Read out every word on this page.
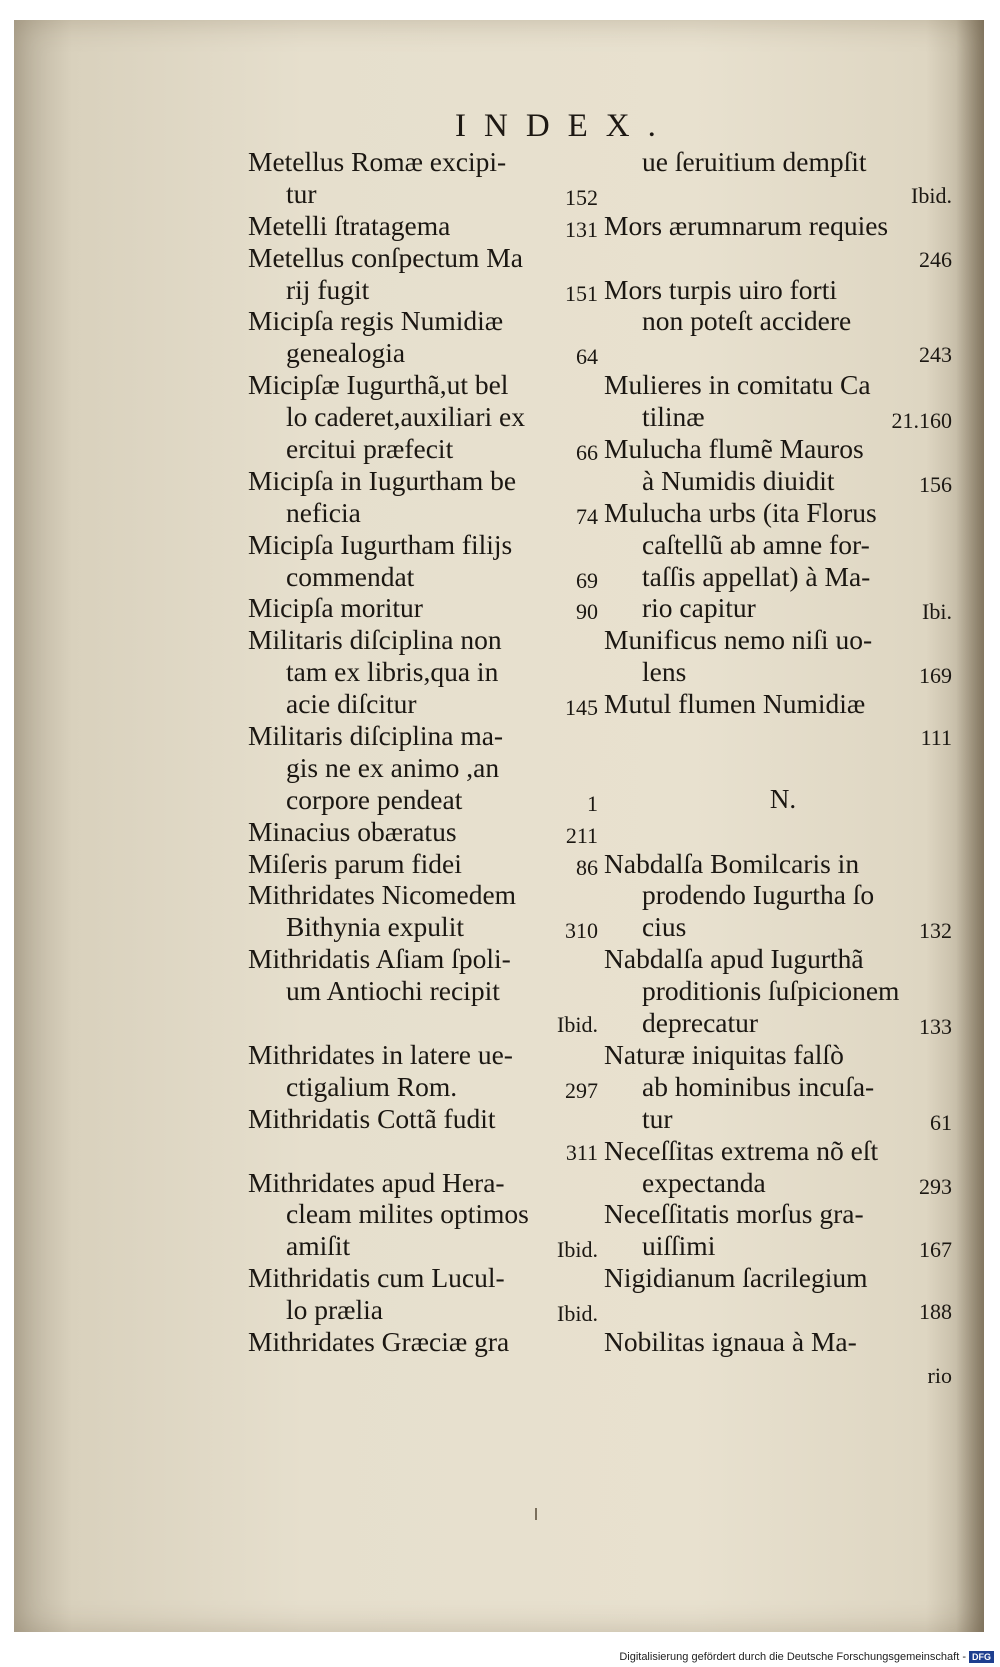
INDEX.
Metellus Romæ excipi-
152
tur
131
Metelli ſtratagema
Metellus conſpectum Ma
151
rij fugit
Micipſa regis Numidiæ
64
genealogia
Micipſæ Iugurthã,ut bel
lo caderet,auxiliari ex
66
ercitui præfecit
Micipſa in Iugurtham be
74
neficia
Micipſa Iugurtham filijs
69
commendat
90
Micipſa moritur
Militaris diſciplina non
tam ex libris,qua in
145
acie diſcitur
Militaris diſciplina ma-
gis ne ex animo ,an
1
corpore pendeat
211
Minacius obæratus
86
Miſeris parum fidei
Mithridates Nicomedem
310
Bithynia expulit
Mithridatis Aſiam ſpoli-
um Antiochi recipit
Ibid.
Mithridates in latere ue-
297
ctigalium Rom.
Mithridatis Cottã fudit
311
Mithridates apud Hera-
cleam milites optimos
Ibid.
amiſit
Mithridatis cum Lucul-
Ibid.
lo prælia
Mithridates Græciæ gra
ue ſeruitium dempſit
Ibid.
Mors ærumnarum requies
246
Mors turpis uiro forti
non poteſt accidere
243
Mulieres in comitatu Ca
21.160
tilinæ
Mulucha flumẽ Mauros
156
à Numidis diuidit
Mulucha urbs (ita Florus
caſtellũ ab amne for-
taſſis appellat) à Ma-
Ibi.
rio capitur
Munificus nemo niſi uo-
169
lens
Mutul flumen Numidiæ
111
N.
Nabdalſa Bomilcaris in
prodendo Iugurtha ſo
132
cius
Nabdalſa apud Iugurthã
proditionis ſuſpicionem
133
deprecatur
Naturæ iniquitas falſò
ab hominibus incuſa-
61
tur
Neceſſitas extrema nõ eſt
293
expectanda
Neceſſitatis morſus gra-
167
uiſſimi
Nigidianum ſacrilegium
188
Nobilitas ignaua à Ma-
rio
Digitalisierung gefördert durch die Deutsche Forschungsgemeinschaft - DFG
